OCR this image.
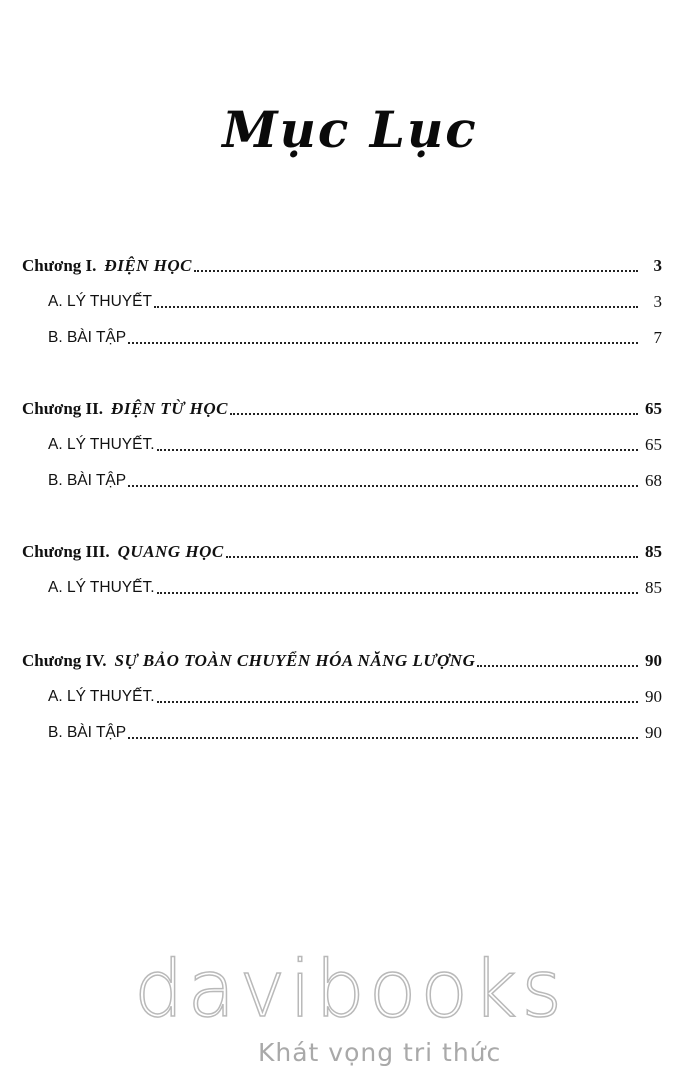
Mục Lục
Chương I. ĐIỆN HỌC	3
A. LÝ THUYẾT	3
B. BÀI TẬP	7
Chương II. ĐIỆN TỪ HỌC	65
A. LÝ THUYẾT.	65
B. BÀI TẬP	68
Chương III. QUANG HỌC	85
A. LÝ THUYẾT.	85
Chương IV. SỰ BẢO TOÀN CHUYỂN HÓA NĂNG LƯỢNG	90
A. LÝ THUYẾT.	90
B. BÀI TẬP	90
davibooks
Khát vọng tri thức
